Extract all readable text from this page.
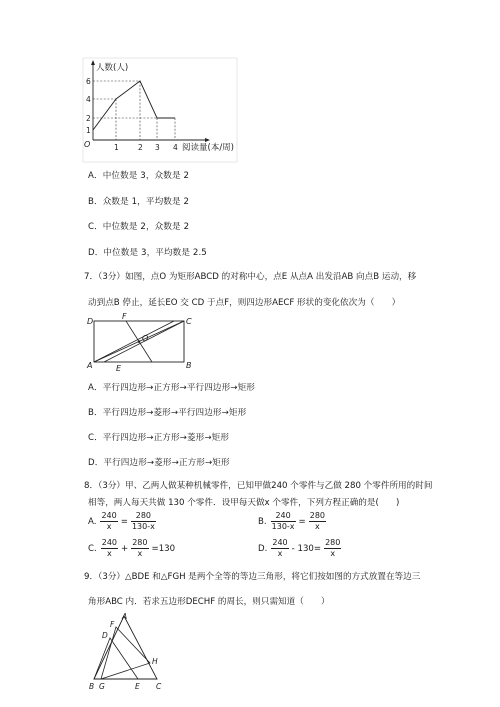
人数(人)
阅读量(本/周)
O
1
2
4
6
1	2 3 4
A．中位数是 3，众数是 2
B．众数是 1，平均数是 2
C．中位数是 2，众数是 2
D．中位数是 3，平均数是 2.5
7．（3分）如图，点O 为矩形ABCD 的对称中心，点E 从点A 出发沿AB 向点B 运动，移
动到点B 停止，延长EO 交 CD 于点F，则四边形AECF 形状的变化依次为（　　）
D	C
A	B
F
E
O
A．平行四边形→正方形→平行四边形→矩形
B．平行四边形→菱形→平行四边形→矩形
C．平行四边形→正方形→菱形→矩形
D．平行四边形→菱形→正方形→矩形
8．（3分）甲、乙两人做某种机械零件，已知甲做240 个零件与乙做 280 个零件所用的时间
相等，两人每天共做 130 个零件．设甲每天做x 个零件，下列方程正确的是(　　)
A. $\frac{240}{x} = \frac{280}{130-x}$	B. $\frac{240}{130-x} = \frac{280}{x}$
C. $\frac{240}{x} + \frac{280}{x} =130$	D. $\frac{240}{x} - 130= \frac{280}{x}$
9．（3分）△BDE 和△FGH 是两个全等的等边三角形，将它们按如图的方式放置在等边三
角形ABC 内．若求五边形DECHF 的周长，则只需知道（　　）
A
F
D
H
B G	E C
